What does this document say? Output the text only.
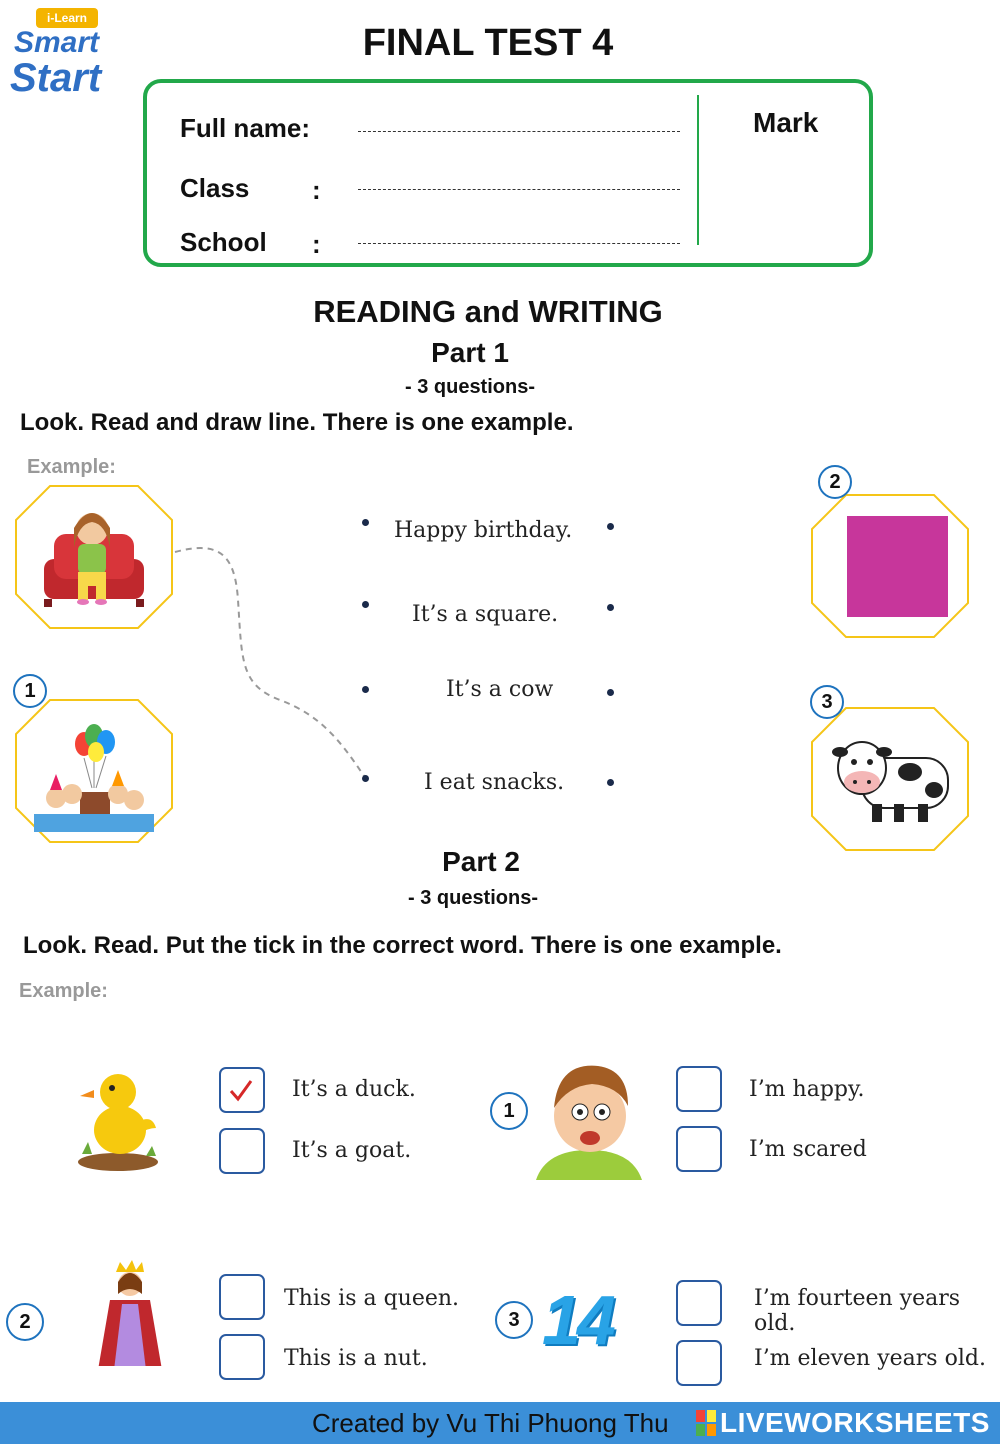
i-Learn
Smart
Start
FINAL TEST 4
Full name:
Class :
School :
Mark
READING and WRITING
Part 1
- 3 questions-
Look. Read and draw line. There is one example.
Example:
1
2
3
Happy birthday.
It’s a square.
It’s a cow
I eat snacks.
Part 2
- 3 questions-
Look. Read. Put the tick in the correct word. There is one example.
Example:
It’s a duck.
It’s a goat.
1
I’m happy.
I’m scared
2
This is a queen.
This is a nut.
3 14	I’m fourteen years old.
I’m eleven years old.
Created by Vu Thi Phuong Thu LIVEWORKSHEETS
